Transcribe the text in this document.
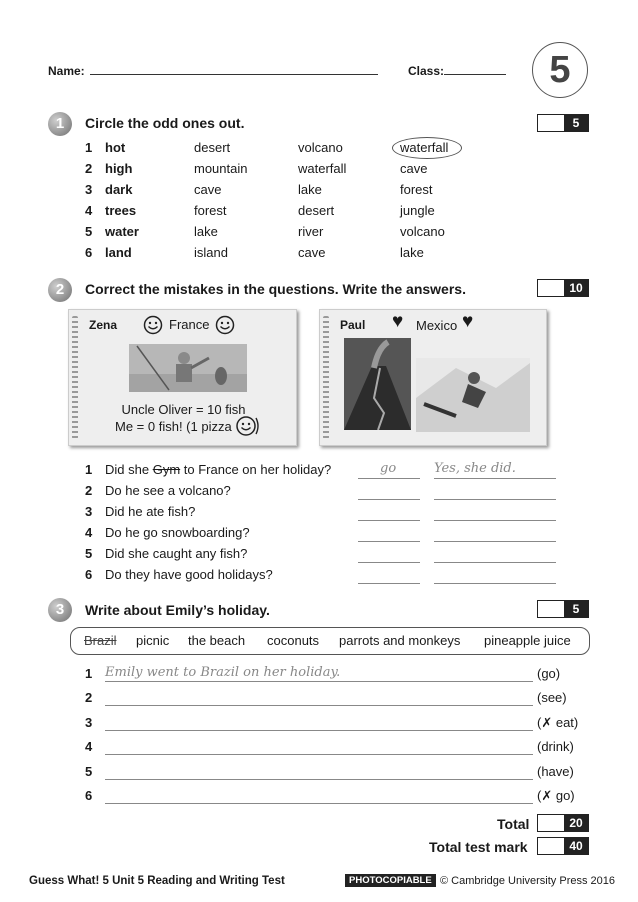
Name:	Class:	5
1	Circle the odd ones out.	5
1 hot	desert	volcano	waterfall
2 high	mountain	waterfall	cave
3 dark	cave	lake	forest
4 trees	forest	desert	jungle
5 water	lake	river	volcano
6 land	island	cave	lake
2	Correct the mistakes in the questions. Write the answers.	10
Zena	France
Uncle Oliver = 10 fish
Me = 0 fish! (1 pizza
Paul ♥ Mexico ♥
1 Did she Gym to France on her holiday?	go	Yes, she did.
2 Do he see a volcano?
3 Did he ate fish?
4 Do he go snowboarding?
5 Did she caught any fish?
6 Do they have good holidays?
3	Write about Emily’s holiday.	5
Brazil picnic the beach coconuts parrots and monkeys pineapple juice
1 Emily went to Brazil on her holiday.	(go)
2	(see)
3	(✗ eat)
4	(drink)
5	(have)
6	(✗ go)
Total	20
Total test mark	40
Guess What! 5 Unit 5 Reading and Writing Test	PHOTOCOPIABLE © Cambridge University Press 2016
